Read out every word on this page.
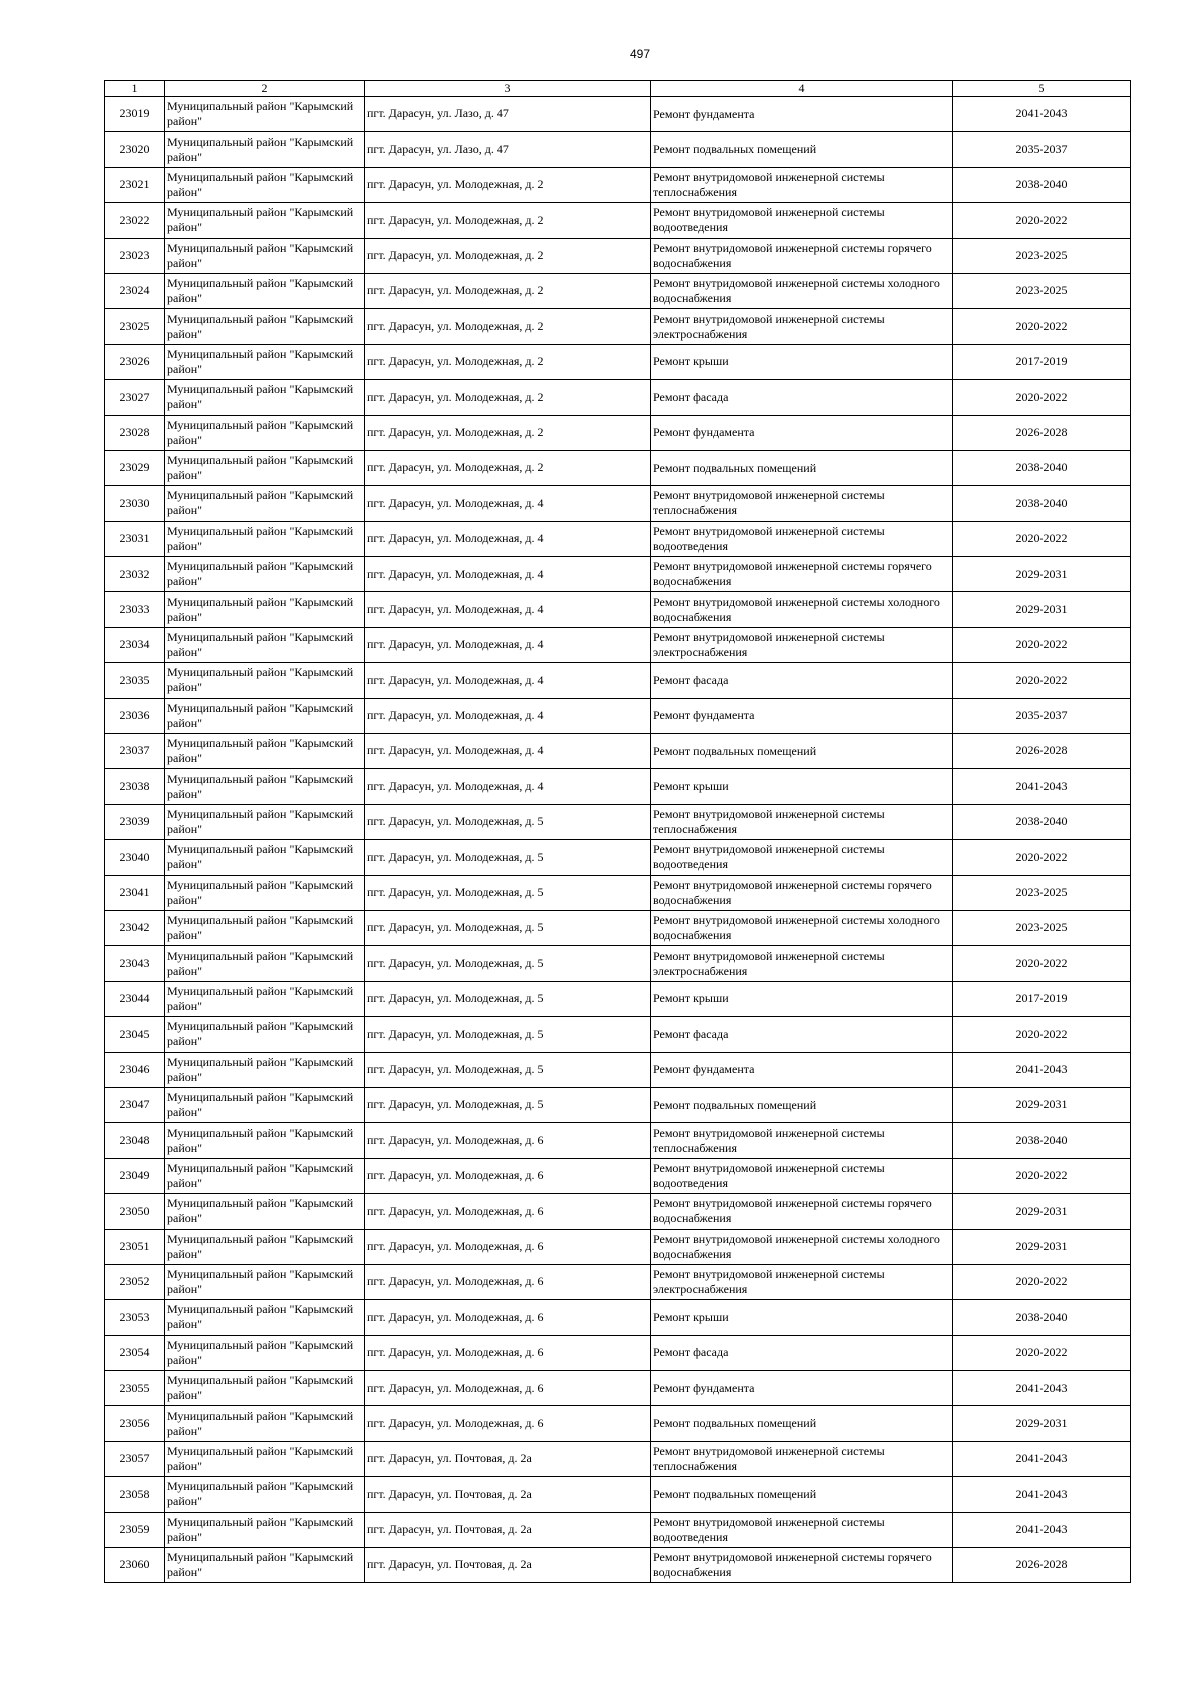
497
1	2	3	4	5
23019	Муниципальный район "Карымский район"	пгт. Дарасун, ул. Лазо, д. 47	Ремонт фундамента	2041-2043
23020	Муниципальный район "Карымский район"	пгт. Дарасун, ул. Лазо, д. 47	Ремонт подвальных помещений	2035-2037
23021	Муниципальный район "Карымский район"	пгт. Дарасун, ул. Молодежная, д. 2	Ремонт внутридомовой инженерной системы теплоснабжения	2038-2040
23022	Муниципальный район "Карымский район"	пгт. Дарасун, ул. Молодежная, д. 2	Ремонт внутридомовой инженерной системы водоотведения	2020-2022
23023	Муниципальный район "Карымский район"	пгт. Дарасун, ул. Молодежная, д. 2	Ремонт внутридомовой инженерной системы горячего водоснабжения	2023-2025
23024	Муниципальный район "Карымский район"	пгт. Дарасун, ул. Молодежная, д. 2	Ремонт внутридомовой инженерной системы холодного водоснабжения	2023-2025
23025	Муниципальный район "Карымский район"	пгт. Дарасун, ул. Молодежная, д. 2	Ремонт внутридомовой инженерной системы электроснабжения	2020-2022
23026	Муниципальный район "Карымский район"	пгт. Дарасун, ул. Молодежная, д. 2	Ремонт крыши	2017-2019
23027	Муниципальный район "Карымский район"	пгт. Дарасун, ул. Молодежная, д. 2	Ремонт фасада	2020-2022
23028	Муниципальный район "Карымский район"	пгт. Дарасун, ул. Молодежная, д. 2	Ремонт фундамента	2026-2028
23029	Муниципальный район "Карымский район"	пгт. Дарасун, ул. Молодежная, д. 2	Ремонт подвальных помещений	2038-2040
23030	Муниципальный район "Карымский район"	пгт. Дарасун, ул. Молодежная, д. 4	Ремонт внутридомовой инженерной системы теплоснабжения	2038-2040
23031	Муниципальный район "Карымский район"	пгт. Дарасун, ул. Молодежная, д. 4	Ремонт внутридомовой инженерной системы водоотведения	2020-2022
23032	Муниципальный район "Карымский район"	пгт. Дарасун, ул. Молодежная, д. 4	Ремонт внутридомовой инженерной системы горячего водоснабжения	2029-2031
23033	Муниципальный район "Карымский район"	пгт. Дарасун, ул. Молодежная, д. 4	Ремонт внутридомовой инженерной системы холодного водоснабжения	2029-2031
23034	Муниципальный район "Карымский район"	пгт. Дарасун, ул. Молодежная, д. 4	Ремонт внутридомовой инженерной системы электроснабжения	2020-2022
23035	Муниципальный район "Карымский район"	пгт. Дарасун, ул. Молодежная, д. 4	Ремонт фасада	2020-2022
23036	Муниципальный район "Карымский район"	пгт. Дарасун, ул. Молодежная, д. 4	Ремонт фундамента	2035-2037
23037	Муниципальный район "Карымский район"	пгт. Дарасун, ул. Молодежная, д. 4	Ремонт подвальных помещений	2026-2028
23038	Муниципальный район "Карымский район"	пгт. Дарасун, ул. Молодежная, д. 4	Ремонт крыши	2041-2043
23039	Муниципальный район "Карымский район"	пгт. Дарасун, ул. Молодежная, д. 5	Ремонт внутридомовой инженерной системы теплоснабжения	2038-2040
23040	Муниципальный район "Карымский район"	пгт. Дарасун, ул. Молодежная, д. 5	Ремонт внутридомовой инженерной системы водоотведения	2020-2022
23041	Муниципальный район "Карымский район"	пгт. Дарасун, ул. Молодежная, д. 5	Ремонт внутридомовой инженерной системы горячего водоснабжения	2023-2025
23042	Муниципальный район "Карымский район"	пгт. Дарасун, ул. Молодежная, д. 5	Ремонт внутридомовой инженерной системы холодного водоснабжения	2023-2025
23043	Муниципальный район "Карымский район"	пгт. Дарасун, ул. Молодежная, д. 5	Ремонт внутридомовой инженерной системы электроснабжения	2020-2022
23044	Муниципальный район "Карымский район"	пгт. Дарасун, ул. Молодежная, д. 5	Ремонт крыши	2017-2019
23045	Муниципальный район "Карымский район"	пгт. Дарасун, ул. Молодежная, д. 5	Ремонт фасада	2020-2022
23046	Муниципальный район "Карымский район"	пгт. Дарасун, ул. Молодежная, д. 5	Ремонт фундамента	2041-2043
23047	Муниципальный район "Карымский район"	пгт. Дарасун, ул. Молодежная, д. 5	Ремонт подвальных помещений	2029-2031
23048	Муниципальный район "Карымский район"	пгт. Дарасун, ул. Молодежная, д. 6	Ремонт внутридомовой инженерной системы теплоснабжения	2038-2040
23049	Муниципальный район "Карымский район"	пгт. Дарасун, ул. Молодежная, д. 6	Ремонт внутридомовой инженерной системы водоотведения	2020-2022
23050	Муниципальный район "Карымский район"	пгт. Дарасун, ул. Молодежная, д. 6	Ремонт внутридомовой инженерной системы горячего водоснабжения	2029-2031
23051	Муниципальный район "Карымский район"	пгт. Дарасун, ул. Молодежная, д. 6	Ремонт внутридомовой инженерной системы холодного водоснабжения	2029-2031
23052	Муниципальный район "Карымский район"	пгт. Дарасун, ул. Молодежная, д. 6	Ремонт внутридомовой инженерной системы электроснабжения	2020-2022
23053	Муниципальный район "Карымский район"	пгт. Дарасун, ул. Молодежная, д. 6	Ремонт крыши	2038-2040
23054	Муниципальный район "Карымский район"	пгт. Дарасун, ул. Молодежная, д. 6	Ремонт фасада	2020-2022
23055	Муниципальный район "Карымский район"	пгт. Дарасун, ул. Молодежная, д. 6	Ремонт фундамента	2041-2043
23056	Муниципальный район "Карымский район"	пгт. Дарасун, ул. Молодежная, д. 6	Ремонт подвальных помещений	2029-2031
23057	Муниципальный район "Карымский район"	пгт. Дарасун, ул. Почтовая, д. 2а	Ремонт внутридомовой инженерной системы теплоснабжения	2041-2043
23058	Муниципальный район "Карымский район"	пгт. Дарасун, ул. Почтовая, д. 2а	Ремонт подвальных помещений	2041-2043
23059	Муниципальный район "Карымский район"	пгт. Дарасун, ул. Почтовая, д. 2а	Ремонт внутридомовой инженерной системы водоотведения	2041-2043
23060	Муниципальный район "Карымский район"	пгт. Дарасун, ул. Почтовая, д. 2а	Ремонт внутридомовой инженерной системы горячего водоснабжения	2026-2028
